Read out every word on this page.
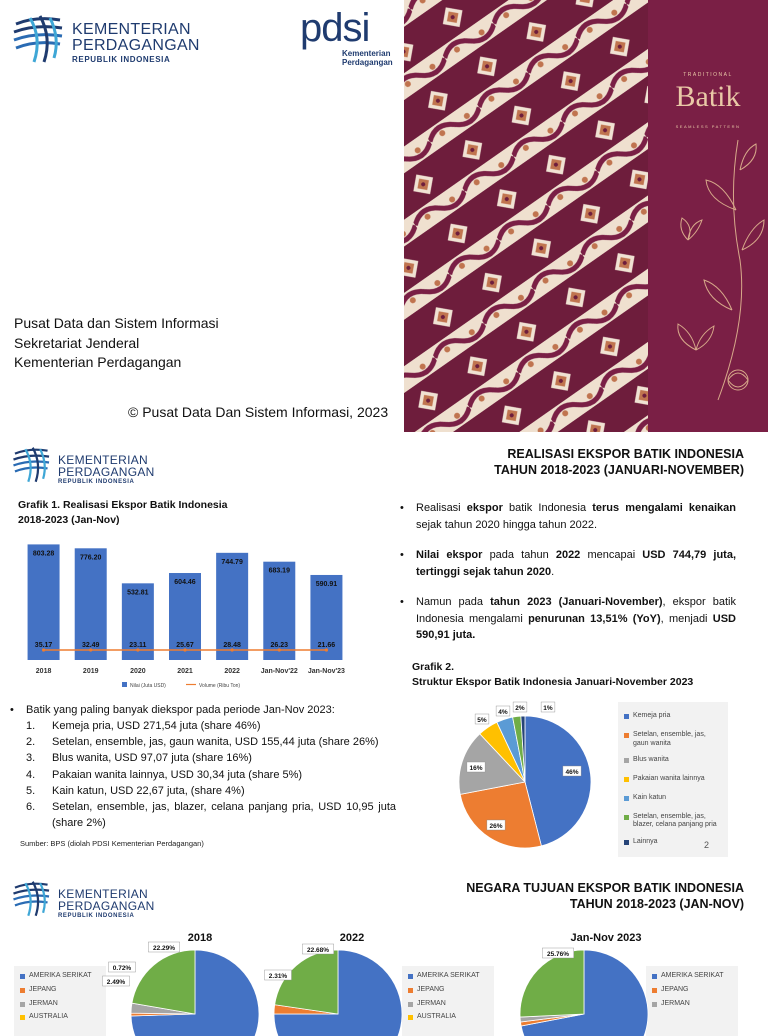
KEMENTERIAN
PERDAGANGAN
REPUBLIK INDONESIA
pdsi
Kementerian
Perdagangan
Pusat Data dan Sistem Informasi
Sekretariat Jenderal
Kementerian Perdagangan
© Pusat Data Dan Sistem Informasi, 2023
TRADITIONAL
Batik
SEAMLESS PATTERN
KEMENTERIAN
PERDAGANGAN
REPUBLIK INDONESIA
REALISASI EKSPOR BATIK INDONESIA
TAHUN 2018-2023 (JANUARI-NOVEMBER)
Grafik 1. Realisasi Ekspor Batik Indonesia
2018-2023 (Jan-Nov)
803.28
2018
776.20
2019
532.81
2020
604.46
2021
744.79
2022
683.19
Jan-Nov'22
590.91
Jan-Nov'23
35.17	32.49	23.11	25.67	28.48	26.23	21.66
Nilai (Juta USD)	Volume (Ribu Ton)
• Realisasi ekspor batik Indonesia terus mengalami kenaikan sejak tahun 2020 hingga tahun 2022.
• Nilai ekspor pada tahun 2022 mencapai USD 744,79 juta, tertinggi sejak tahun 2020.
• Namun pada tahun 2023 (Januari-November), ekspor batik Indonesia mengalami penurunan 13,51% (YoY), menjadi USD 590,91 juta.
Grafik 2.
Struktur Ekspor Batik Indonesia Januari-November 2023
46%
26%
16%
5%
4%
2%	1%
Kemeja pria
Setelan, ensemble, jas, gaun wanita
Blus wanita
Pakaian wanita lainnya
Kain katun
Setelan, ensemble, jas, blazer, celana panjang pria
Lainnya	2
• Batik yang paling banyak diekspor pada periode Jan-Nov 2023:
1. Kemeja pria, USD 271,54 juta (share 46%)
2. Setelan, ensemble, jas, gaun wanita, USD 155,44 juta (share 26%)
3. Blus wanita, USD 97,07 juta (share 16%)
4. Pakaian wanita lainnya, USD 30,34 juta (share 5%)
5. Kain katun, USD 22,67 juta, (share 4%)
6. Setelan, ensemble, jas, blazer, celana panjang pria, USD 10,95 juta (share 2%)
Sumber: BPS (diolah PDSI Kementerian Perdagangan)
KEMENTERIAN
PERDAGANGAN
REPUBLIK INDONESIA
NEGARA TUJUAN EKSPOR BATIK INDONESIA
TAHUN 2018-2023 (JAN-NOV)
2018
AMERIKA SERIKAT
JEPANG
JERMAN
AUSTRALIA
22.29%
0.72%
2.49%
2022
AMERIKA SERIKAT
JEPANG
JERMAN
AUSTRALIA
22.68%
2.31%
Jan-Nov 2023
AMERIKA SERIKAT
JEPANG
JERMAN
25.76%
